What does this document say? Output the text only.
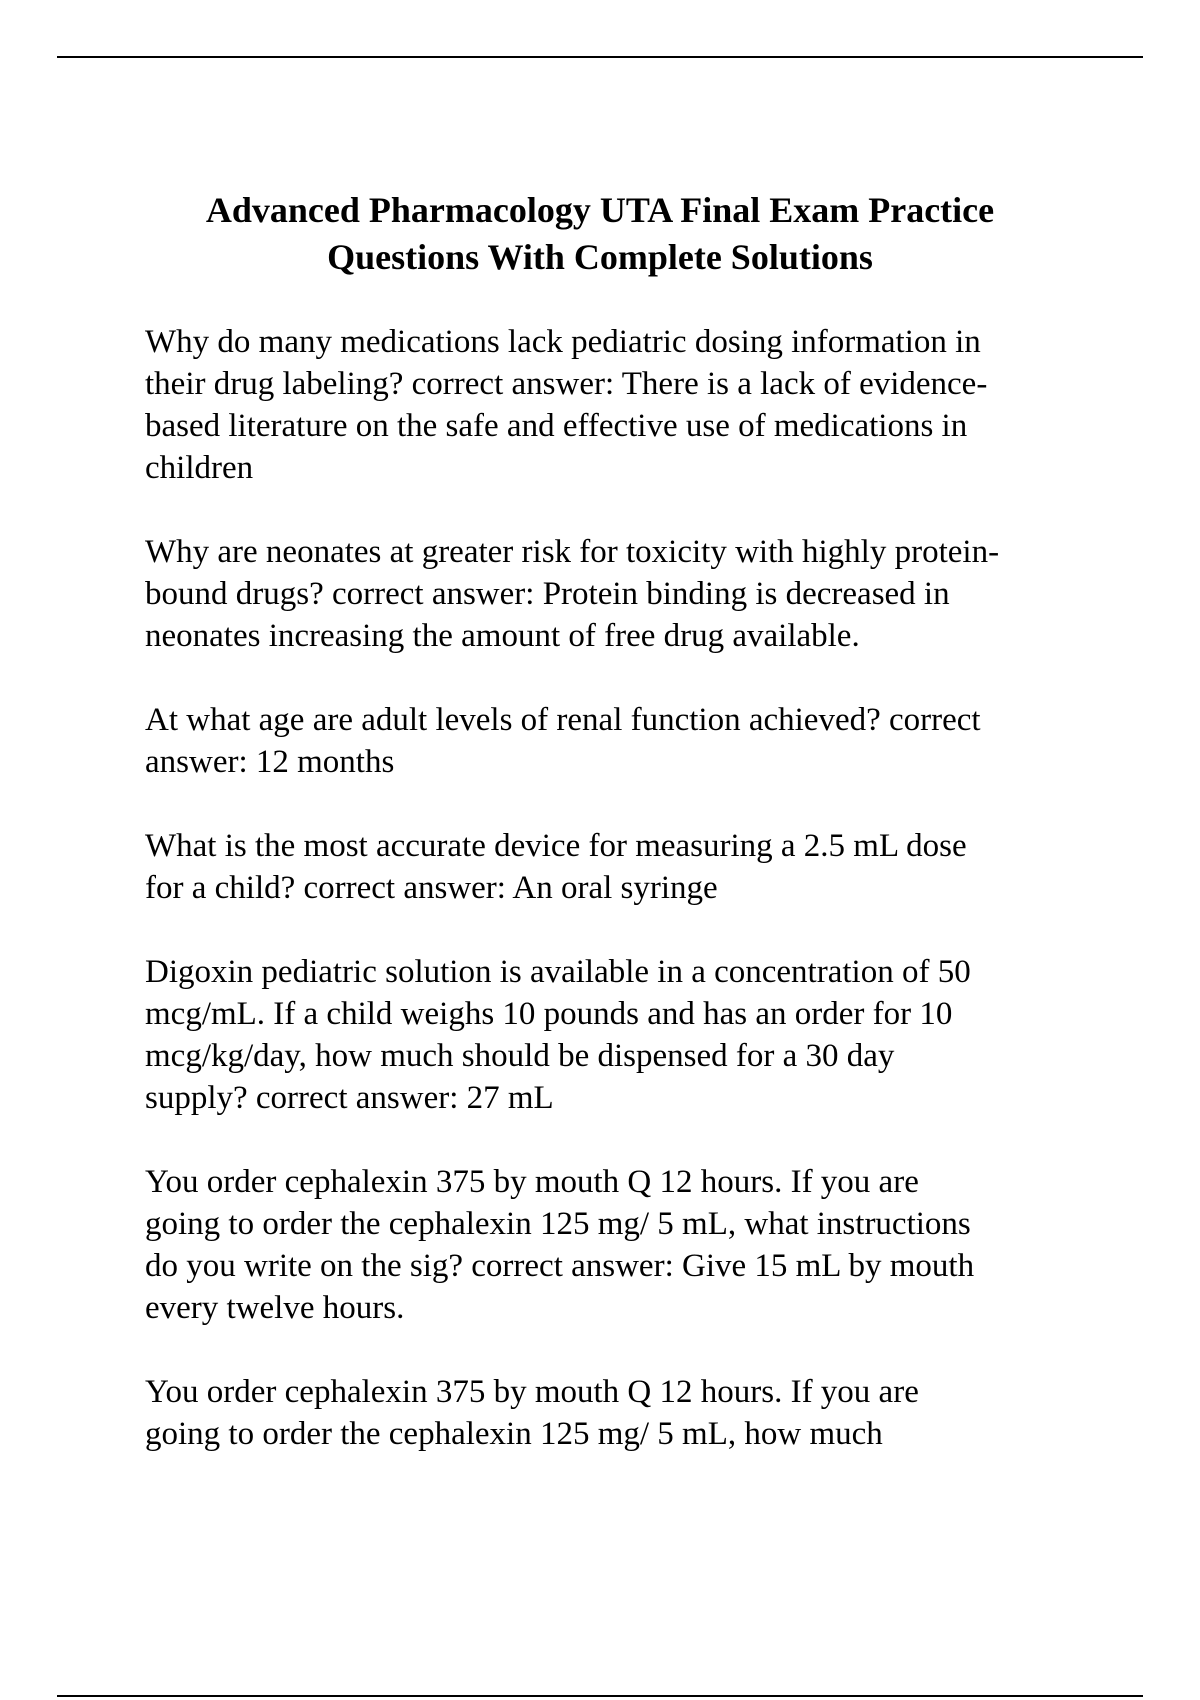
Advanced Pharmacology UTA Final Exam Practice
Questions With Complete Solutions

Why do many medications lack pediatric dosing information in
their drug labeling? correct answer: There is a lack of evidence-
based literature on the safe and effective use of medications in
children

Why are neonates at greater risk for toxicity with highly protein-
bound drugs? correct answer: Protein binding is decreased in
neonates increasing the amount of free drug available.

At what age are adult levels of renal function achieved? correct
answer: 12 months

What is the most accurate device for measuring a 2.5 mL dose
for a child? correct answer: An oral syringe

Digoxin pediatric solution is available in a concentration of 50
mcg/mL. If a child weighs 10 pounds and has an order for 10
mcg/kg/day, how much should be dispensed for a 30 day
supply? correct answer: 27 mL

You order cephalexin 375 by mouth Q 12 hours. If you are
going to order the cephalexin 125 mg/ 5 mL, what instructions
do you write on the sig? correct answer: Give 15 mL by mouth
every twelve hours.

You order cephalexin 375 by mouth Q 12 hours. If you are
going to order the cephalexin 125 mg/ 5 mL, how much
